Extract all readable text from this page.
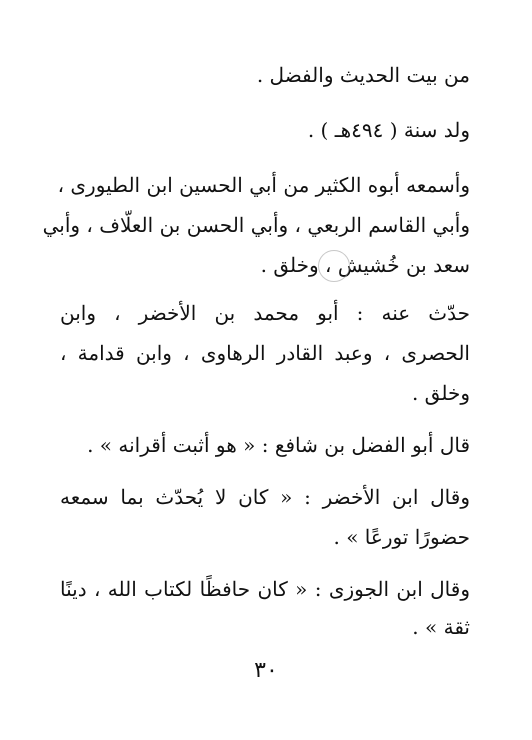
من بيت الحديث والفضل .
ولد سنة ( ٤٩٤هـ ) .
وأسمعه أبوه الكثير من أبي الحسين ابن الطيورى ،
وأبي القاسم الربعي ، وأبي الحسن بن العلّاف ، وأبي
سعد بن خُشيش ، وخلق .
حدّث عنه : أبو محمد بن الأخضر ، وابن
الحصرى ، وعبد القادر الرهاوى ، وابن قدامة ،
وخلق .
قال أبو الفضل بن شافع : « هو أثبت أقرانه » .
وقال ابن الأخضر : « كان لا يُحدّث بما سمعه
حضورًا تورعًا » .
وقال ابن الجوزى : « كان حافظًا لكتاب الله ، دينًا
ثقة » .
٣٠
